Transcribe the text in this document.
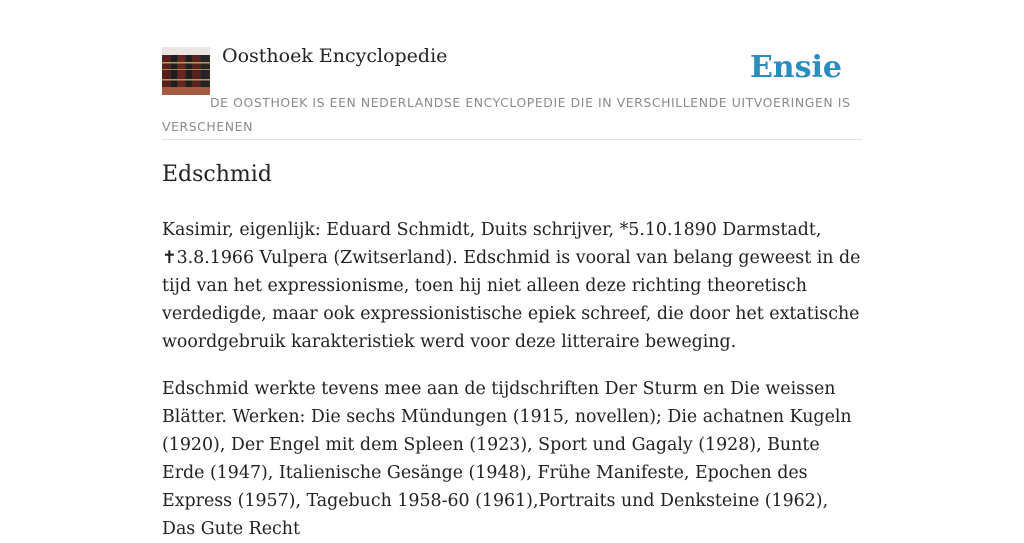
Oosthoek Encyclopedie	Ensie
DE OOSTHOEK IS EEN NEDERLANDSE ENCYCLOPEDIE DIE IN VERSCHILLENDE UITVOERINGEN IS VERSCHENEN
Edschmid

Kasimir, eigenlijk: Eduard Schmidt, Duits schrijver, *5.10.1890 Darmstadt, ✝3.8.1966 Vulpera (Zwitserland). Edschmid is vooral van belang geweest in de tijd van het expressionisme, toen hij niet alleen deze richting theoretisch verdedigde, maar ook expressionistische epiek schreef, die door het extatische woordgebruik karakteristiek werd voor deze litteraire beweging.

Edschmid werkte tevens mee aan de tijdschriften Der Sturm en Die weissen Blätter. Werken: Die sechs Mündungen (1915, novellen); Die achatnen Kugeln (1920), Der Engel mit dem Spleen (1923), Sport und Gagaly (1928), Bunte Erde (1947), Italienische Gesänge (1948), Frühe Manifeste, Epochen des Express (1957), Tagebuch 1958-60 (1961),Portraits und Denksteine (1962), Das Gute Recht
